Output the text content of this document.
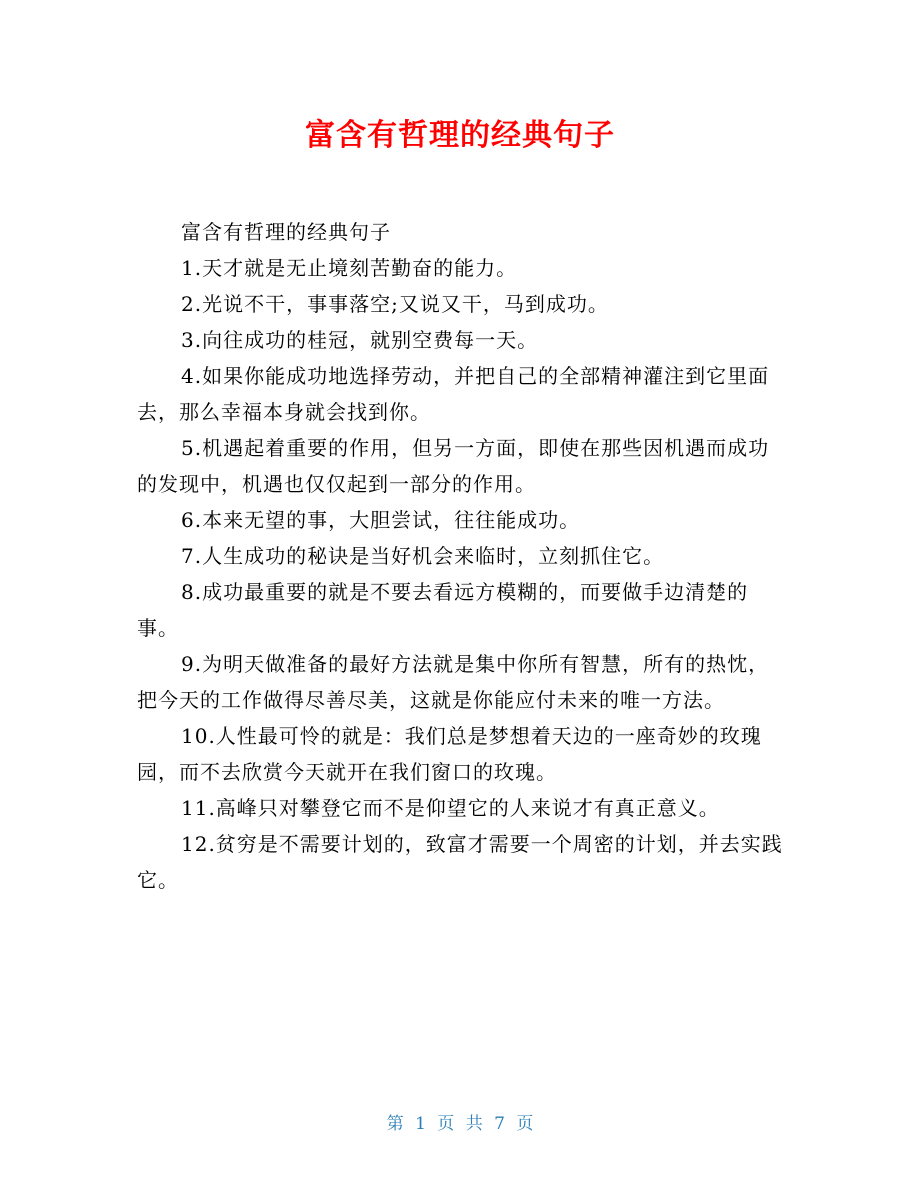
富含有哲理的经典句子

富含有哲理的经典句子

1.天才就是无止境刻苦勤奋的能力。

2.光说不干，事事落空;又说又干，马到成功。

3.向往成功的桂冠，就别空费每一天。

4.如果你能成功地选择劳动，并把自己的全部精神灌注到它里面去，那么幸福本身就会找到你。

5.机遇起着重要的作用，但另一方面，即使在那些因机遇而成功的发现中，机遇也仅仅起到一部分的作用。

6.本来无望的事，大胆尝试，往往能成功。

7.人生成功的秘诀是当好机会来临时，立刻抓住它。

8.成功最重要的就是不要去看远方模糊的，而要做手边清楚的事。

9.为明天做准备的最好方法就是集中你所有智慧，所有的热忱，把今天的工作做得尽善尽美，这就是你能应付未来的唯一方法。

10.人性最可怜的就是：我们总是梦想着天边的一座奇妙的玫瑰园，而不去欣赏今天就开在我们窗口的玫瑰。

11.高峰只对攀登它而不是仰望它的人来说才有真正意义。

12.贫穷是不需要计划的，致富才需要一个周密的计划，并去实践它。

第 1 页 共 7 页
